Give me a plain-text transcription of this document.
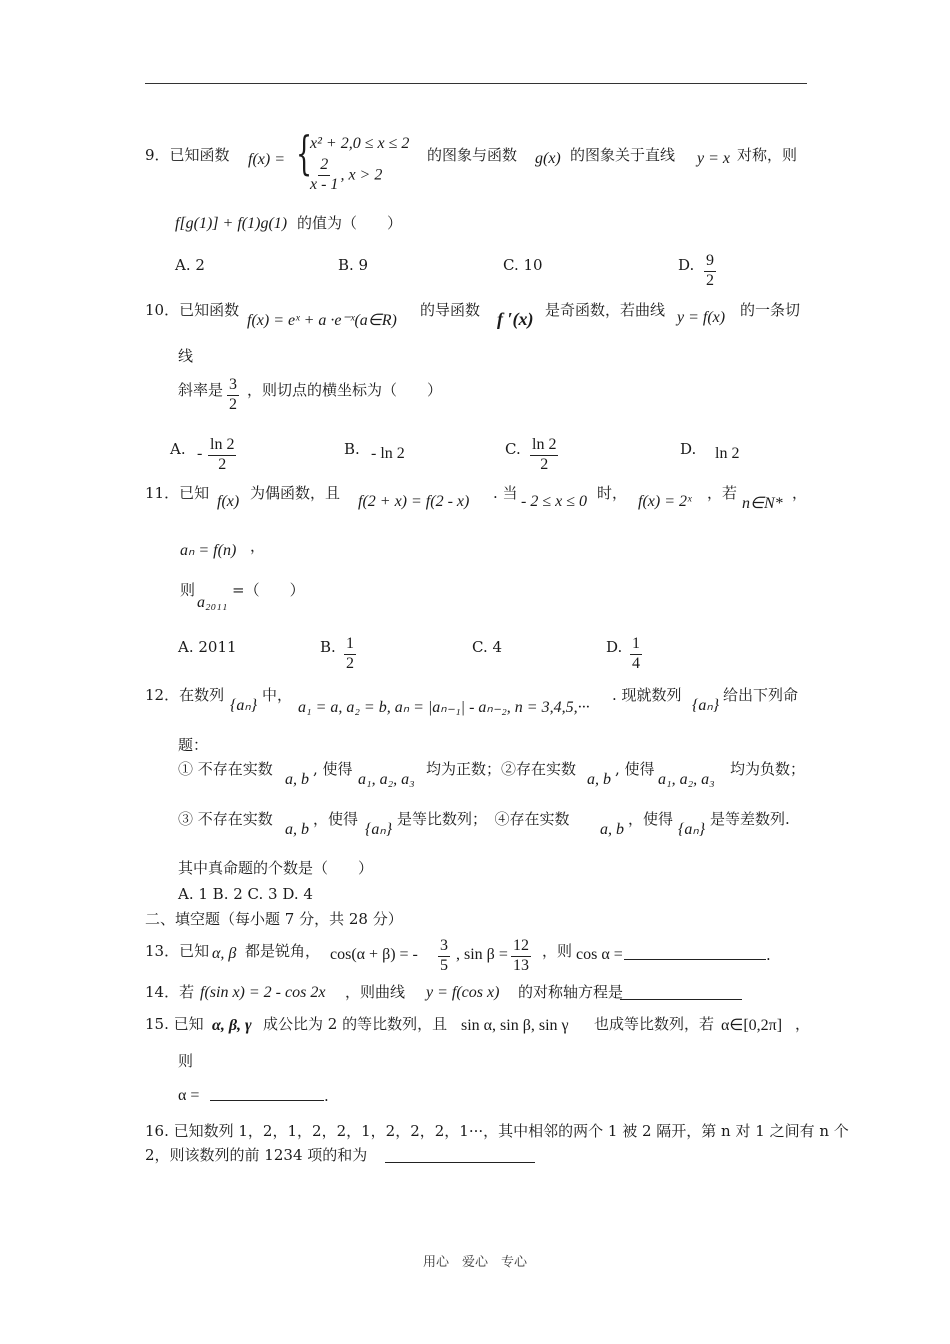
9．已知函数 f(x) = {
x² + 2,0 ≤ x ≤ 2
$\frac{2}{x - 1}$ , x > 2
的图象与函数 g(x) 的图象关于直线 y = x 对称，则
f[g(1)] + f(1)g(1) 的值为（　　）
A. 2	B. 9	C. 10	D. $\frac{9}{2}$
10．已知函数
f(x) = eˣ + a ·e⁻ˣ(a∈R)
的导函数 f ′(x) 是奇函数，若曲线 y = f(x) 的一条切
线
斜率是 $\frac{3}{2}$ ，则切点的横坐标为（　　）
A. - $\frac{\ln 2}{2}$	B. - ln 2	C. $\frac{\ln 2}{2}$	D. ln 2
11．已知 f(x) 为偶函数，且 f(2 + x) = f(2 - x) . 当 - 2 ≤ x ≤ 0 时， f(x) = 2ˣ ，若
n∈N*
，
aₙ = f(n) ，
则
a₂₀₁₁
=（　　）
A. 2011	B. $\frac{1}{2}$	C. 4	D. $\frac{1}{4}$
12．在数列
{aₙ}
中，
a₁ = a, a₂ = b, aₙ = |aₙ₋₁| - aₙ₋₂, n = 3,4,5,···
. 现就数列
{aₙ}
给出下列命
题：
① 不存在实数
a, b
, 使得
a₁, a₂, a₃
均为正数；②存在实数
a, b
, 使得
a₁, a₂, a₃
均为负数；
③ 不存在实数
a, b
，使得
{aₙ}
是等比数列；　④存在实数
a, b
，使得
{aₙ}
是等差数列.
其中真命题的个数是（　　）
A. 1 B. 2 C. 3 D. 4
二、填空题（每小题 7 分，共 28 分）
13．已知 α, β 都是锐角， cos(α + β) = - $\frac{3}{5}$ , $\sin \beta = \frac{12}{13}$ ，则 cos α =	.
14．若 f(sin x) = 2 - cos 2x ，则曲线 y = f(cos x) 的对称轴方程是
15. 已知 α, β, γ 成公比为 2 的等比数列，且 sin α, sin β, sin γ 也成等比数列，若 α∈[0,2π] ，
则
α =	.
16. 已知数列 1，2，1，2，2，1，2，2，2，1···，其中相邻的两个 1 被 2 隔开，第 n 对 1 之间有 n 个
2，则该数列的前 1234 项的和为
用心　爱心　专心
